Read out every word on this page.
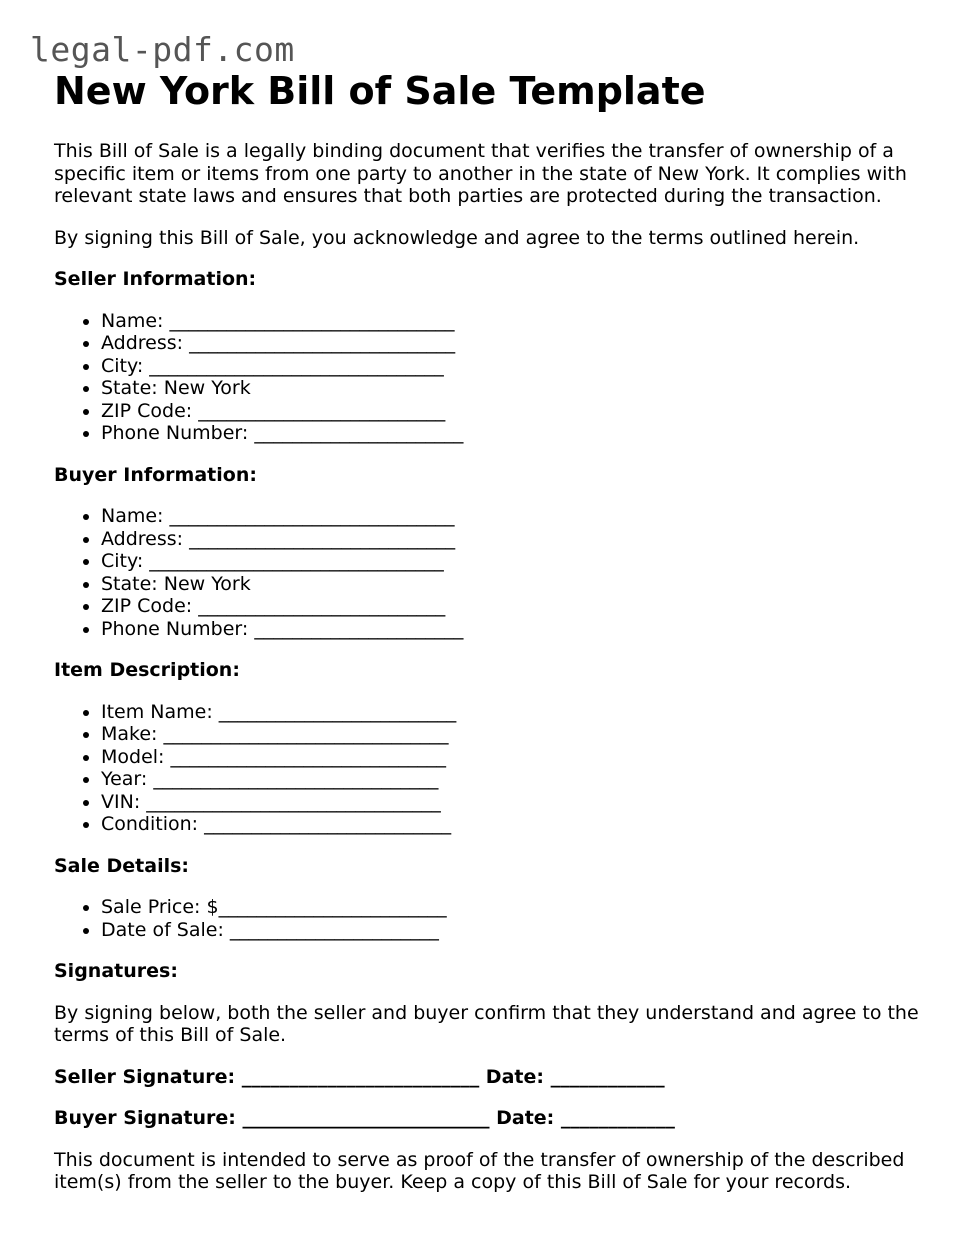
legal-pdf.com
New York Bill of Sale Template

This Bill of Sale is a legally binding document that verifies the transfer of ownership of a specific item or items from one party to another in the state of New York. It complies with relevant state laws and ensures that both parties are protected during the transaction.

By signing this Bill of Sale, you acknowledge and agree to the terms outlined herein.

Seller Information:

• Name: ______________________________
• Address: ____________________________
• City: _______________________________
• State: New York
• ZIP Code: __________________________
• Phone Number: ______________________

Buyer Information:

• Name: ______________________________
• Address: ____________________________
• City: _______________________________
• State: New York
• ZIP Code: __________________________
• Phone Number: ______________________

Item Description:

• Item Name: _________________________
• Make: ______________________________
• Model: _____________________________
• Year: ______________________________
• VIN: _______________________________
• Condition: __________________________

Sale Details:

• Sale Price: $________________________
• Date of Sale: ______________________

Signatures:

By signing below, both the seller and buyer confirm that they understand and agree to the terms of this Bill of Sale.

Seller Signature: _________________________ Date: ____________

Buyer Signature: __________________________ Date: ____________

This document is intended to serve as proof of the transfer of ownership of the described item(s) from the seller to the buyer. Keep a copy of this Bill of Sale for your records.
